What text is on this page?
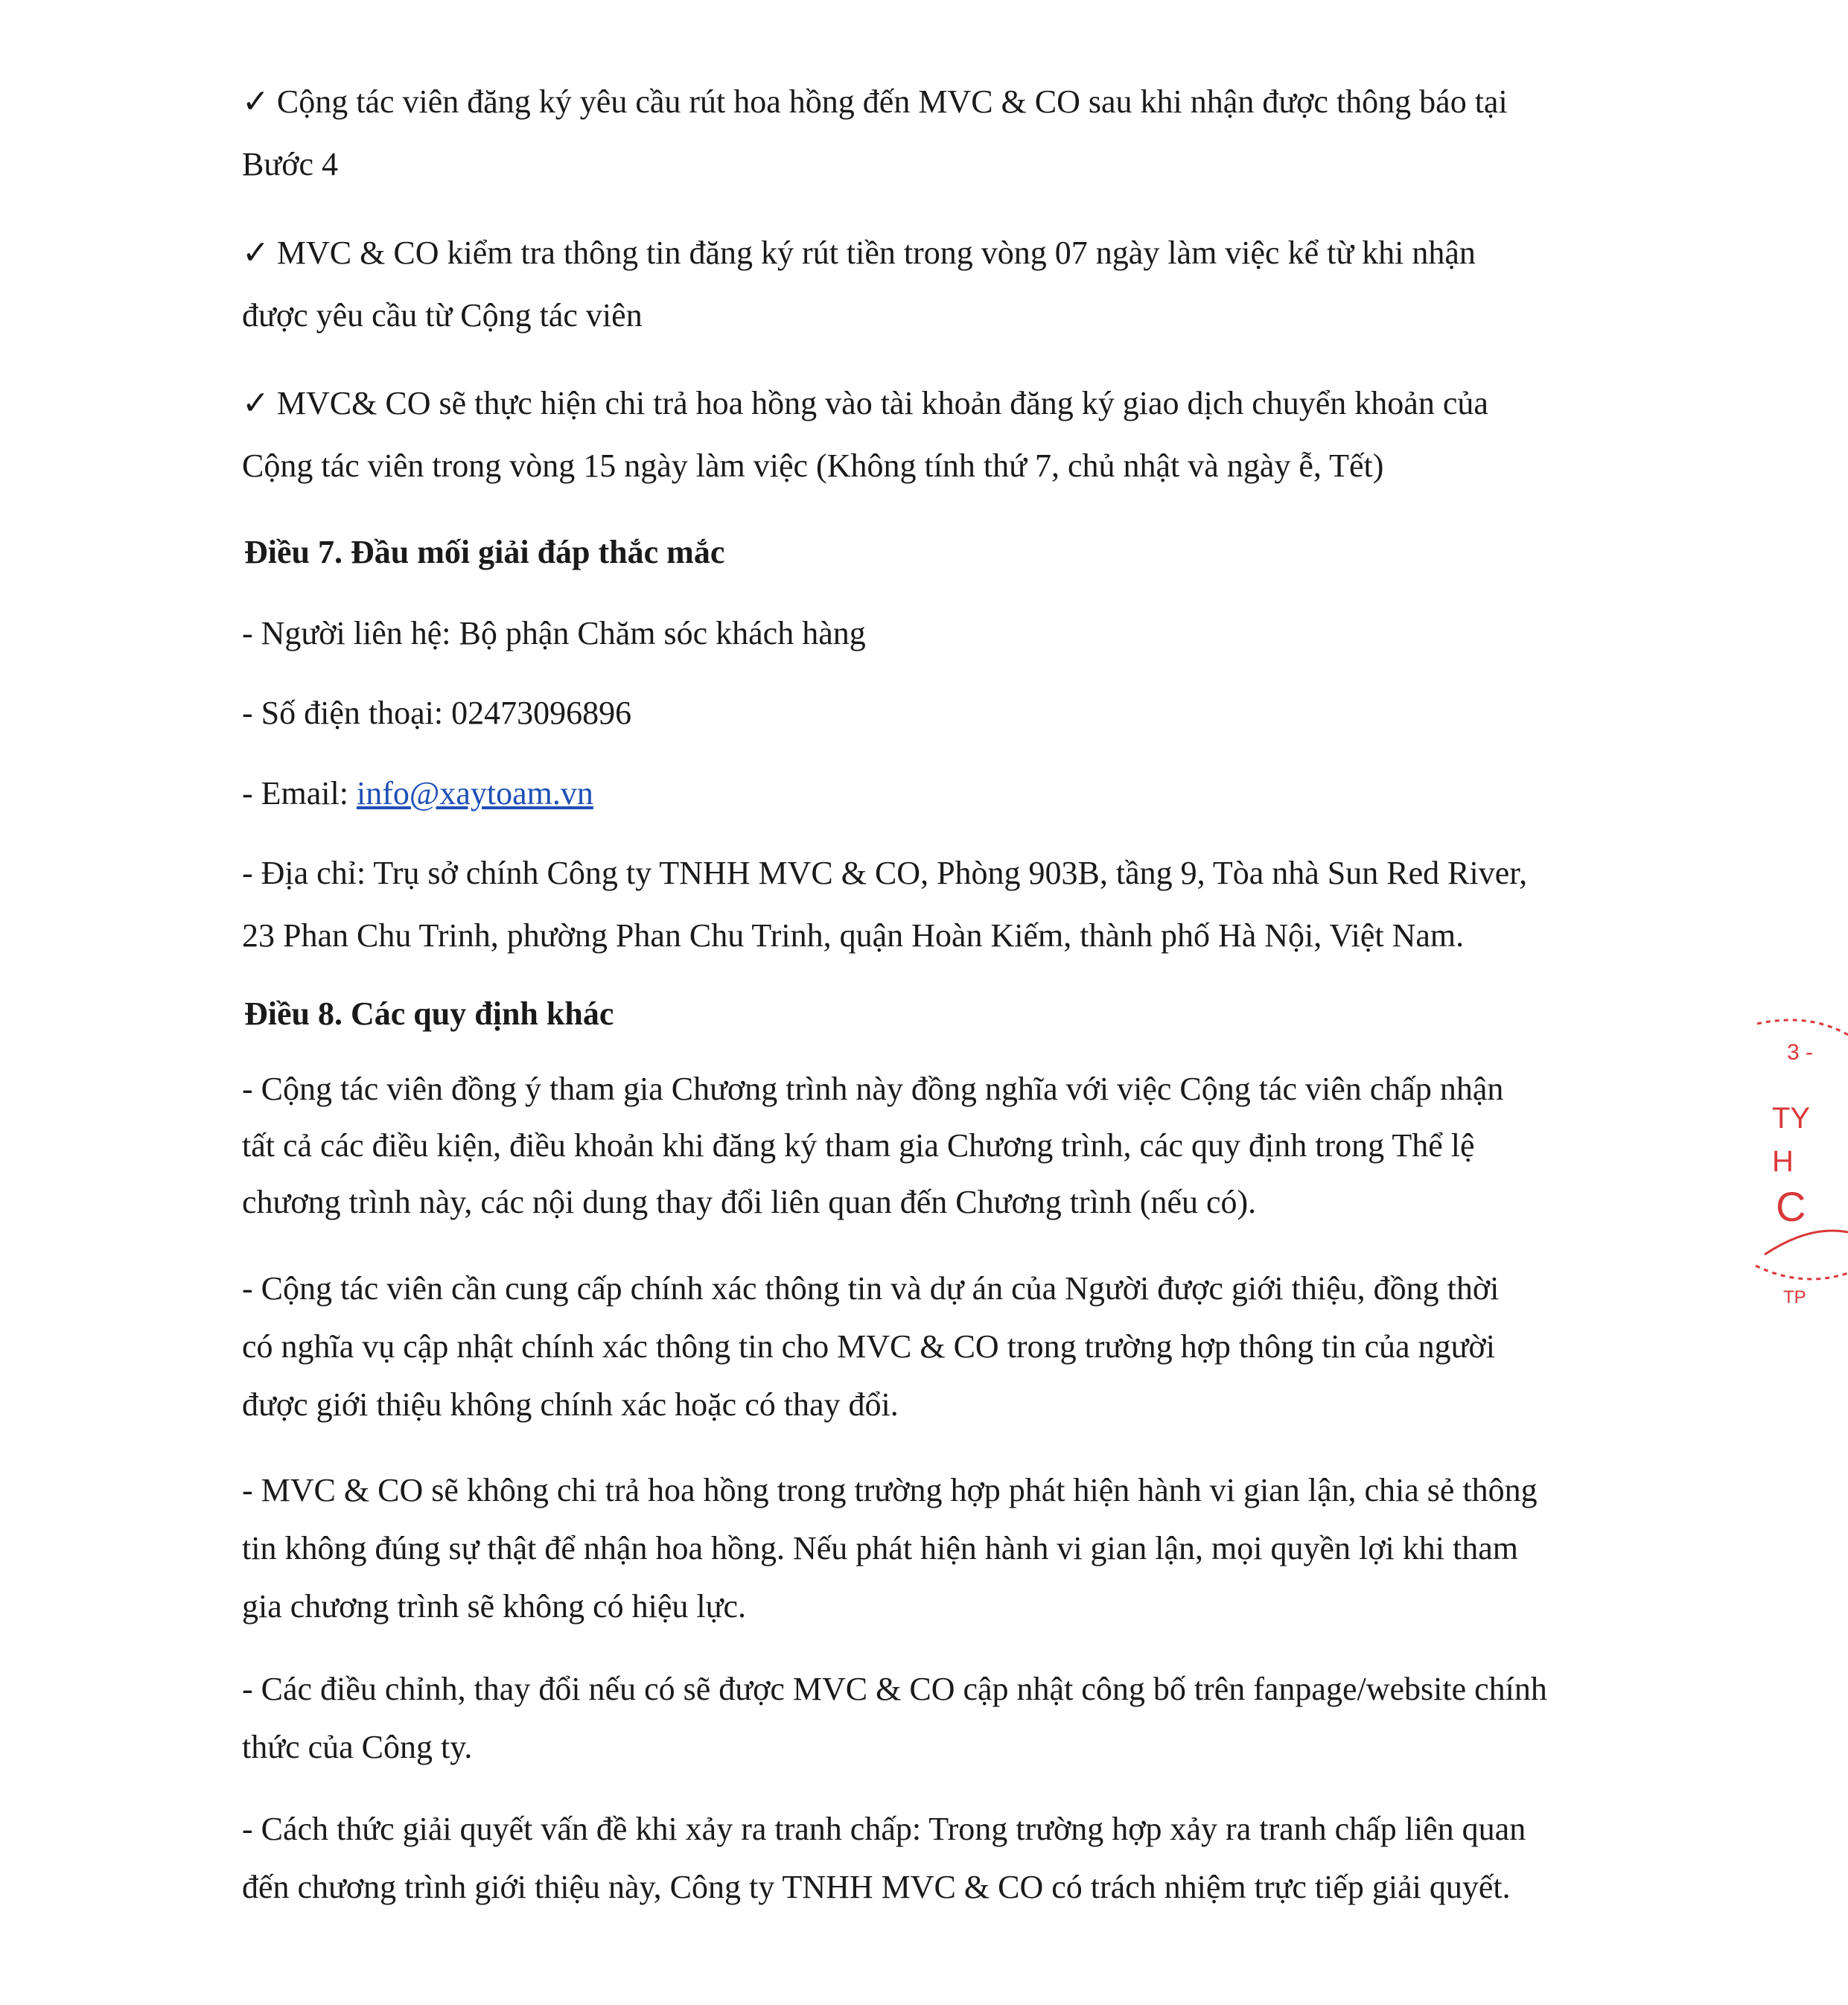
✓ Cộng tác viên đăng ký yêu cầu rút hoa hồng đến MVC & CO sau khi nhận được thông báo tại
Bước 4
✓ MVC & CO kiểm tra thông tin đăng ký rút tiền trong vòng 07 ngày làm việc kể từ khi nhận
được yêu cầu từ Cộng tác viên
✓ MVC& CO sẽ thực hiện chi trả hoa hồng vào tài khoản đăng ký giao dịch chuyển khoản của
Cộng tác viên trong vòng 15 ngày làm việc (Không tính thứ 7, chủ nhật và ngày ễ, Tết)
Điều 7. Đầu mối giải đáp thắc mắc
- Người liên hệ: Bộ phận Chăm sóc khách hàng
- Số điện thoại: 02473096896
- Email: info@xaytoam.vn
- Địa chỉ: Trụ sở chính Công ty TNHH MVC & CO, Phòng 903B, tầng 9, Tòa nhà Sun Red River,
23 Phan Chu Trinh, phường Phan Chu Trinh, quận Hoàn Kiếm, thành phố Hà Nội, Việt Nam.
Điều 8. Các quy định khác
- Cộng tác viên đồng ý tham gia Chương trình này đồng nghĩa với việc Cộng tác viên chấp nhận
tất cả các điều kiện, điều khoản khi đăng ký tham gia Chương trình, các quy định trong Thể lệ
chương trình này, các nội dung thay đổi liên quan đến Chương trình (nếu có).
- Cộng tác viên cần cung cấp chính xác thông tin và dự án của Người được giới thiệu, đồng thời
có nghĩa vụ cập nhật chính xác thông tin cho MVC & CO trong trường hợp thông tin của người
được giới thiệu không chính xác hoặc có thay đổi.
- MVC & CO sẽ không chi trả hoa hồng trong trường hợp phát hiện hành vi gian lận, chia sẻ thông
tin không đúng sự thật để nhận hoa hồng. Nếu phát hiện hành vi gian lận, mọi quyền lợi khi tham
gia chương trình sẽ không có hiệu lực.
- Các điều chỉnh, thay đổi nếu có sẽ được MVC & CO cập nhật công bố trên fanpage/website chính
thức của Công ty.
- Cách thức giải quyết vấn đề khi xảy ra tranh chấp: Trong trường hợp xảy ra tranh chấp liên quan
đến chương trình giới thiệu này, Công ty TNHH MVC & CO có trách nhiệm trực tiếp giải quyết.
3 -
TY
H
C
TP
